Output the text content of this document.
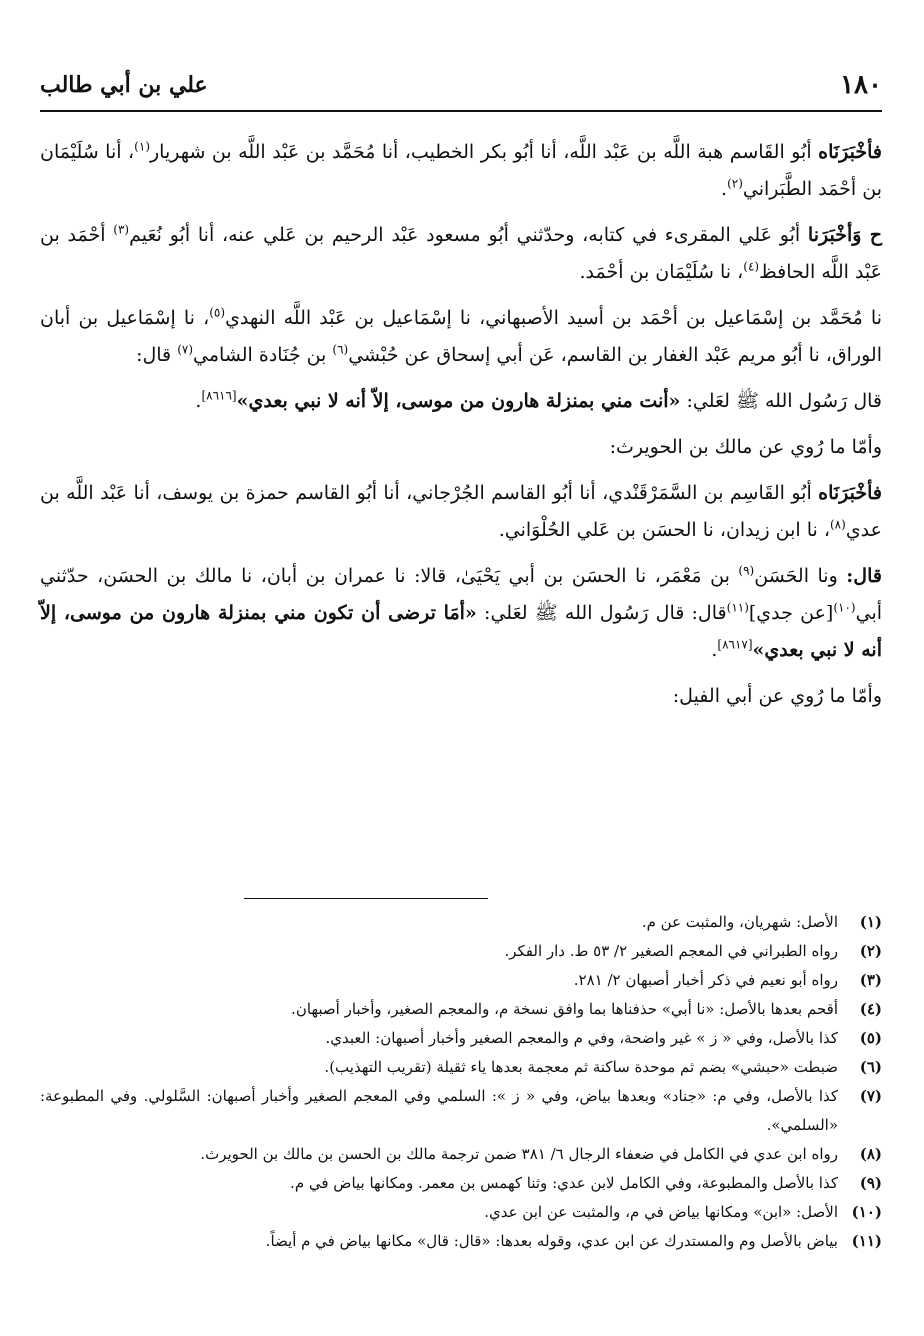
١٨٠
علي بن أبي طالب

فأخْبَرَنَاه أبُو القَاسم هبة اللَّه بن عَبْد اللَّه، أنا أبُو بكر الخطيب، أنا مُحَمَّد بن عَبْد اللَّه بن شهريار$^{(١)}$، أنا سُلَيْمَان بن أحْمَد الطَّبَراني$^{(٢)}$.

ح وَأخْبَرَنا أبُو عَلي المقرىء في كتابه، وحدّثني أبُو مسعود عَبْد الرحيم بن عَلي عنه، أنا أبُو نُعَيم$^{(٣)}$ أحْمَد بن عَبْد اللَّه الحافظ$^{(٤)}$، نا سُلَيْمَان بن أحْمَد.

نا مُحَمَّد بن إسْمَاعيل بن أحْمَد بن أسيد الأصبهاني، نا إسْمَاعيل بن عَبْد اللَّه النهدي$^{(٥)}$، نا إسْمَاعيل بن أبان الوراق، نا أبُو مريم عَبْد الغفار بن القاسم، عَن أبي إسحاق عن حُبْشي$^{(٦)}$ بن جُنَادة الشامي$^{(٧)}$ قال:

قال رَسُول الله ﷺ لعَلي: «أنت مني بمنزلة هارون من موسى، إلاّ أنه لا نبي بعدي»[٨٦١٦].

وأمّا ما رُوي عن مالك بن الحويرث:

فأخْبَرَنَاه أبُو القَاسِم بن السَّمَرْقَنْدي، أنا أبُو القاسم الجُرْجاني، أنا أبُو القاسم حمزة بن يوسف، أنا عَبْد اللَّه بن عدي$^{(٨)}$، نا ابن زيدان، نا الحسَن بن عَلي الحُلْوَاني.

قال: ونا الحَسَن$^{(٩)}$ بن مَعْمَر، نا الحسَن بن أبي يَحْيَىٰ، قالا: نا عمران بن أبان، نا مالك بن الحسَن، حدّثني أبي$^{(١٠)}$[عن جدي]$^{(١١)}$قال: قال رَسُول الله ﷺ لعَلي: «أمَا ترضى أن تكون مني بمنزلة هارون من موسى، إلاّ أنه لا نبي بعدي»[٨٦١٧].

وأمّا ما رُوي عن أبي الفيل:

(١)
الأصل: شهريان، والمثبت عن م.
(٢)
رواه الطبراني في المعجم الصغير ٢/ ٥٣ ط. دار الفكر.
(٣)
رواه أبو نعيم في ذكر أخبار أصبهان ٢/ ٢٨١.
(٤)
أقحم بعدها بالأصل: «نا أبي» حذفناها بما وافق نسخة م، والمعجم الصغير، وأخبار أصبهان.
(٥)
كذا بالأصل، وفي « ز » غير واضحة، وفي م والمعجم الصغير وأخبار أصبهان: العبدي.
(٦)
ضبطت «حبشي» بضم ثم موحدة ساكنة ثم معجمة بعدها ياء ثقيلة (تقريب التهذيب).
(٧)
كذا بالأصل، وفي م: «جناد» وبعدها بياض، وفي « ز »: السلمي وفي المعجم الصغير وأخبار أصبهان: السَّلولي. وفي المطبوعة: «السلمي».
(٨)
رواه ابن عدي في الكامل في ضعفاء الرجال ٦/ ٣٨١ ضمن ترجمة مالك بن الحسن بن مالك بن الحويرث.
(٩)
كذا بالأصل والمطبوعة، وفي الكامل لابن عدي: وثنا كهمس بن معمر. ومكانها بياض في م.
(١٠)
الأصل: «ابن» ومكانها بياض في م، والمثبت عن ابن عدي.
(١١)
بياض بالأصل وم والمستدرك عن ابن عدي، وقوله بعدها: «قال: قال» مكانها بياض في م أيضاً.
